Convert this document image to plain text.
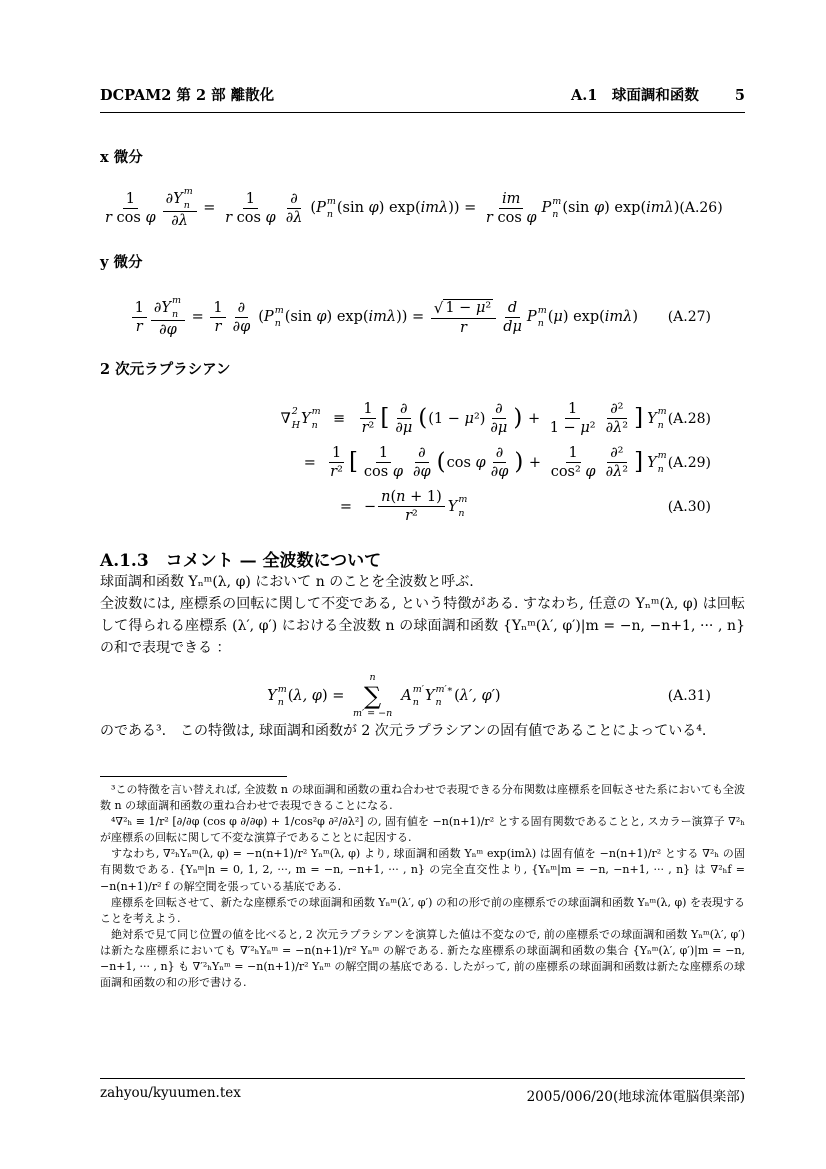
DCPAM2 第 2 部 離散化	A.1　球面調和函数 5
x 微分
$\frac{1}{\text{r cos φ}}$ ∂ Y m
n
∂ $\lambda = \frac{1}{\text{r cos φ}} \frac{\partial}{\partial \lambda}$ ( P m
n (sin φ ) exp( imλ )) = $\frac{im}{\text{r cos φ}}$ P m
n (sin φ ) exp( imλ ) (A.26)
y 微分
$\frac{1}{r}$ ∂ Y m
n
∂ $\varphi = \frac{1}{r} \frac{\partial}{\partial \varphi}$ ( P m
n (sin φ ) exp( imλ )) = $\frac{\text{√ 1 − μ ²}}{r} \frac{d}{d\mu}$ P m
n ( μ ) exp( imλ ) (A.27)
2 次元ラプラシアン
∇ 2
H Y m
n	≡ $\frac{1}{\text{r ²}}$ [ $\frac{\partial}{\partial \mu}$ ( (1 − μ $^2) \frac{\partial}{\partial \mu}$ ) + $\frac{1}{\text{1 − μ ²}} \frac{\text{∂²}}{\text{∂ λ ²}}$ ] Y m
n (A.28)
= $\frac{1}{\text{r ²}}$ [ $\frac{1}{\text{cos φ}} \frac{\partial}{\partial \varphi}$ ( cos φ $\frac{\partial}{\partial \varphi}$ ) + $\frac{1}{\text{cos² φ}} \frac{\text{∂²}}{\text{∂ λ ²}}$ ] Y m
n (A.29)
= − $\frac{n ( n + 1)}{\text{r ²}}$ Y m
n	(A.30)
A.1.3　コメント — 全波数について

球面調和函数 Yₙᵐ(λ, φ) において n のことを全波数と呼ぶ.

全波数には, 座標系の回転に関して不変である, という特徴がある. すなわち, 任意の Yₙᵐ(λ, φ) は回転して得られる座標系 (λ′, φ′) における全波数 n の球面調和函数 {Yₙᵐ(λ′, φ′)|m = −n, −n+1, ··· , n} の和で表現できる ：

Y m
n ( λ, φ ) =
n
∑
m′ = −n
A m′
n Y m′∗
n ( λ′, φ′ )	(A.31)

のである³.　この特徴は, 球面調和函数が 2 次元ラプラシアンの固有値であることによっている⁴.

³この特徴を言い替えれば, 全波数 n の球面調和函数の重ね合わせで表現できる分布関数は座標系を回転させた系においても全波数 n の球面調和函数の重ね合わせで表現できることになる.

⁴∇²ₕ ≡ 1/r² [∂/∂φ (cos φ ∂/∂φ) + 1/cos²φ ∂²/∂λ²] の, 固有値を −n(n+1)/r² とする固有関数であることと, スカラー演算子 ∇²ₕ が座標系の回転に関して不変な演算子であることとに起因する.

すなわち, ∇²ₕYₙᵐ(λ, φ) = −n(n+1)/r² Yₙᵐ(λ, φ) より, 球面調和函数 Yₙᵐ exp(imλ) は固有値を −n(n+1)/r² とする ∇²ₕ の固有関数である. {Yₙᵐ|n = 0, 1, 2, ···, m = −n, −n+1, ··· , n} の完全直交性より, {Yₙᵐ|m = −n, −n+1, ··· , n} は ∇²ₕf = −n(n+1)/r² f の解空間を張っている基底である.

座標系を回転させて、新たな座標系での球面調和函数 Yₙᵐ(λ′, φ′) の和の形で前の座標系での球面調和函数 Yₙᵐ(λ, φ) を表現することを考えよう.

絶対系で見て同じ位置の値を比べると, 2 次元ラプラシアンを演算した値は不変なので, 前の座標系での球面調和函数 Yₙᵐ(λ′, φ′) は新たな座標系においても ∇′²ₕYₙᵐ = −n(n+1)/r² Yₙᵐ の解である. 新たな座標系の球面調和函数の集合 {Yₙᵐ(λ′, φ′)|m = −n, −n+1, ··· , n} も ∇′²ₕYₙᵐ = −n(n+1)/r² Yₙᵐ の解空間の基底である. したがって, 前の座標系の球面調和函数は新たな座標系の球面調和函数の和の形で書ける.

zahyou/kyuumen.tex	2005/006/20(地球流体電脳倶楽部)
